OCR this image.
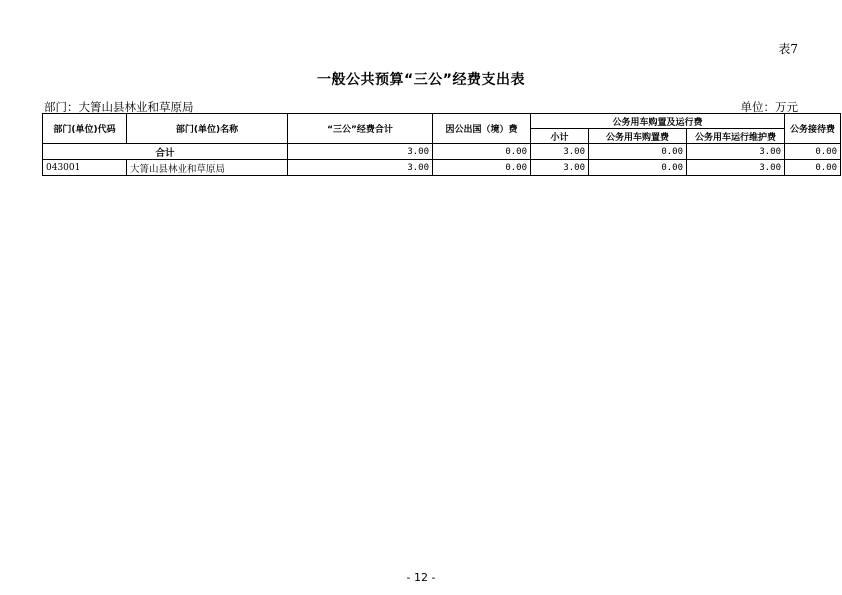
表7
一般公共预算“三公”经费支出表
部门：大箐山县林业和草原局	单位：万元
部门(单位)代码	部门(单位)名称	“三公”经费合计	因公出国（境）费	公务用车购置及运行费			公务接待费
				小计	公务用车购置费	公务用车运行维护费	
合计		3.00	0.00	3.00	0.00	3.00	0.00
043001	大箐山县林业和草原局	3.00	0.00	3.00	0.00	3.00	0.00
- 12 -
